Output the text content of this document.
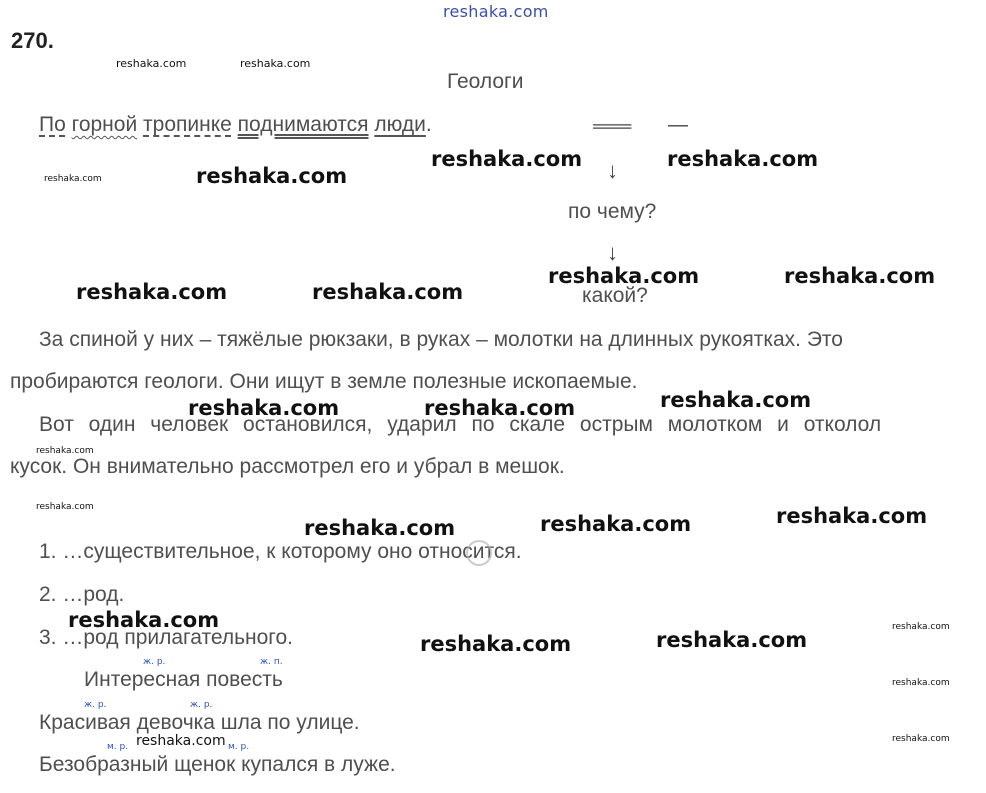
reshaka.com
270.
reshaka.com	reshaka.com
Геологи
По горной тропинке поднимаются люди.	═══ —
↓
по чему?
↓
какой?
За спиной у них – тяжёлые рюкзаки, в руках – молотки на длинных рукоятках. Это
пробираются геологи. Они ищут в земле полезные ископаемые.
Вот один человек остановился, ударил по скале острым молотком и отколол
кусок. Он внимательно рассмотрел его и убрал в мешок.
1. …существительное, к которому оно относится.
2. …род.
3. …род прилагательного.
ж. р.	ж. п.
Интересная повесть
ж. р.	ж. р.
Красивая девочка шла по улице.
м. р.	м. р.
Безобразный щенок купался в луже.
reshaka.com	reshaka.com
reshaka.com
reshaka.com
reshaka.com	reshaka.com
reshaka.com	reshaka.com
reshaka.com
reshaka.com	reshaka.com
reshaka.com
reshaka.com	reshaka.com
reshaka.com
reshaka.com
reshaka.com
reshaka.com
reshaka.com
reshaka.com
reshaka.com
reshaka.com
reshaka.com
